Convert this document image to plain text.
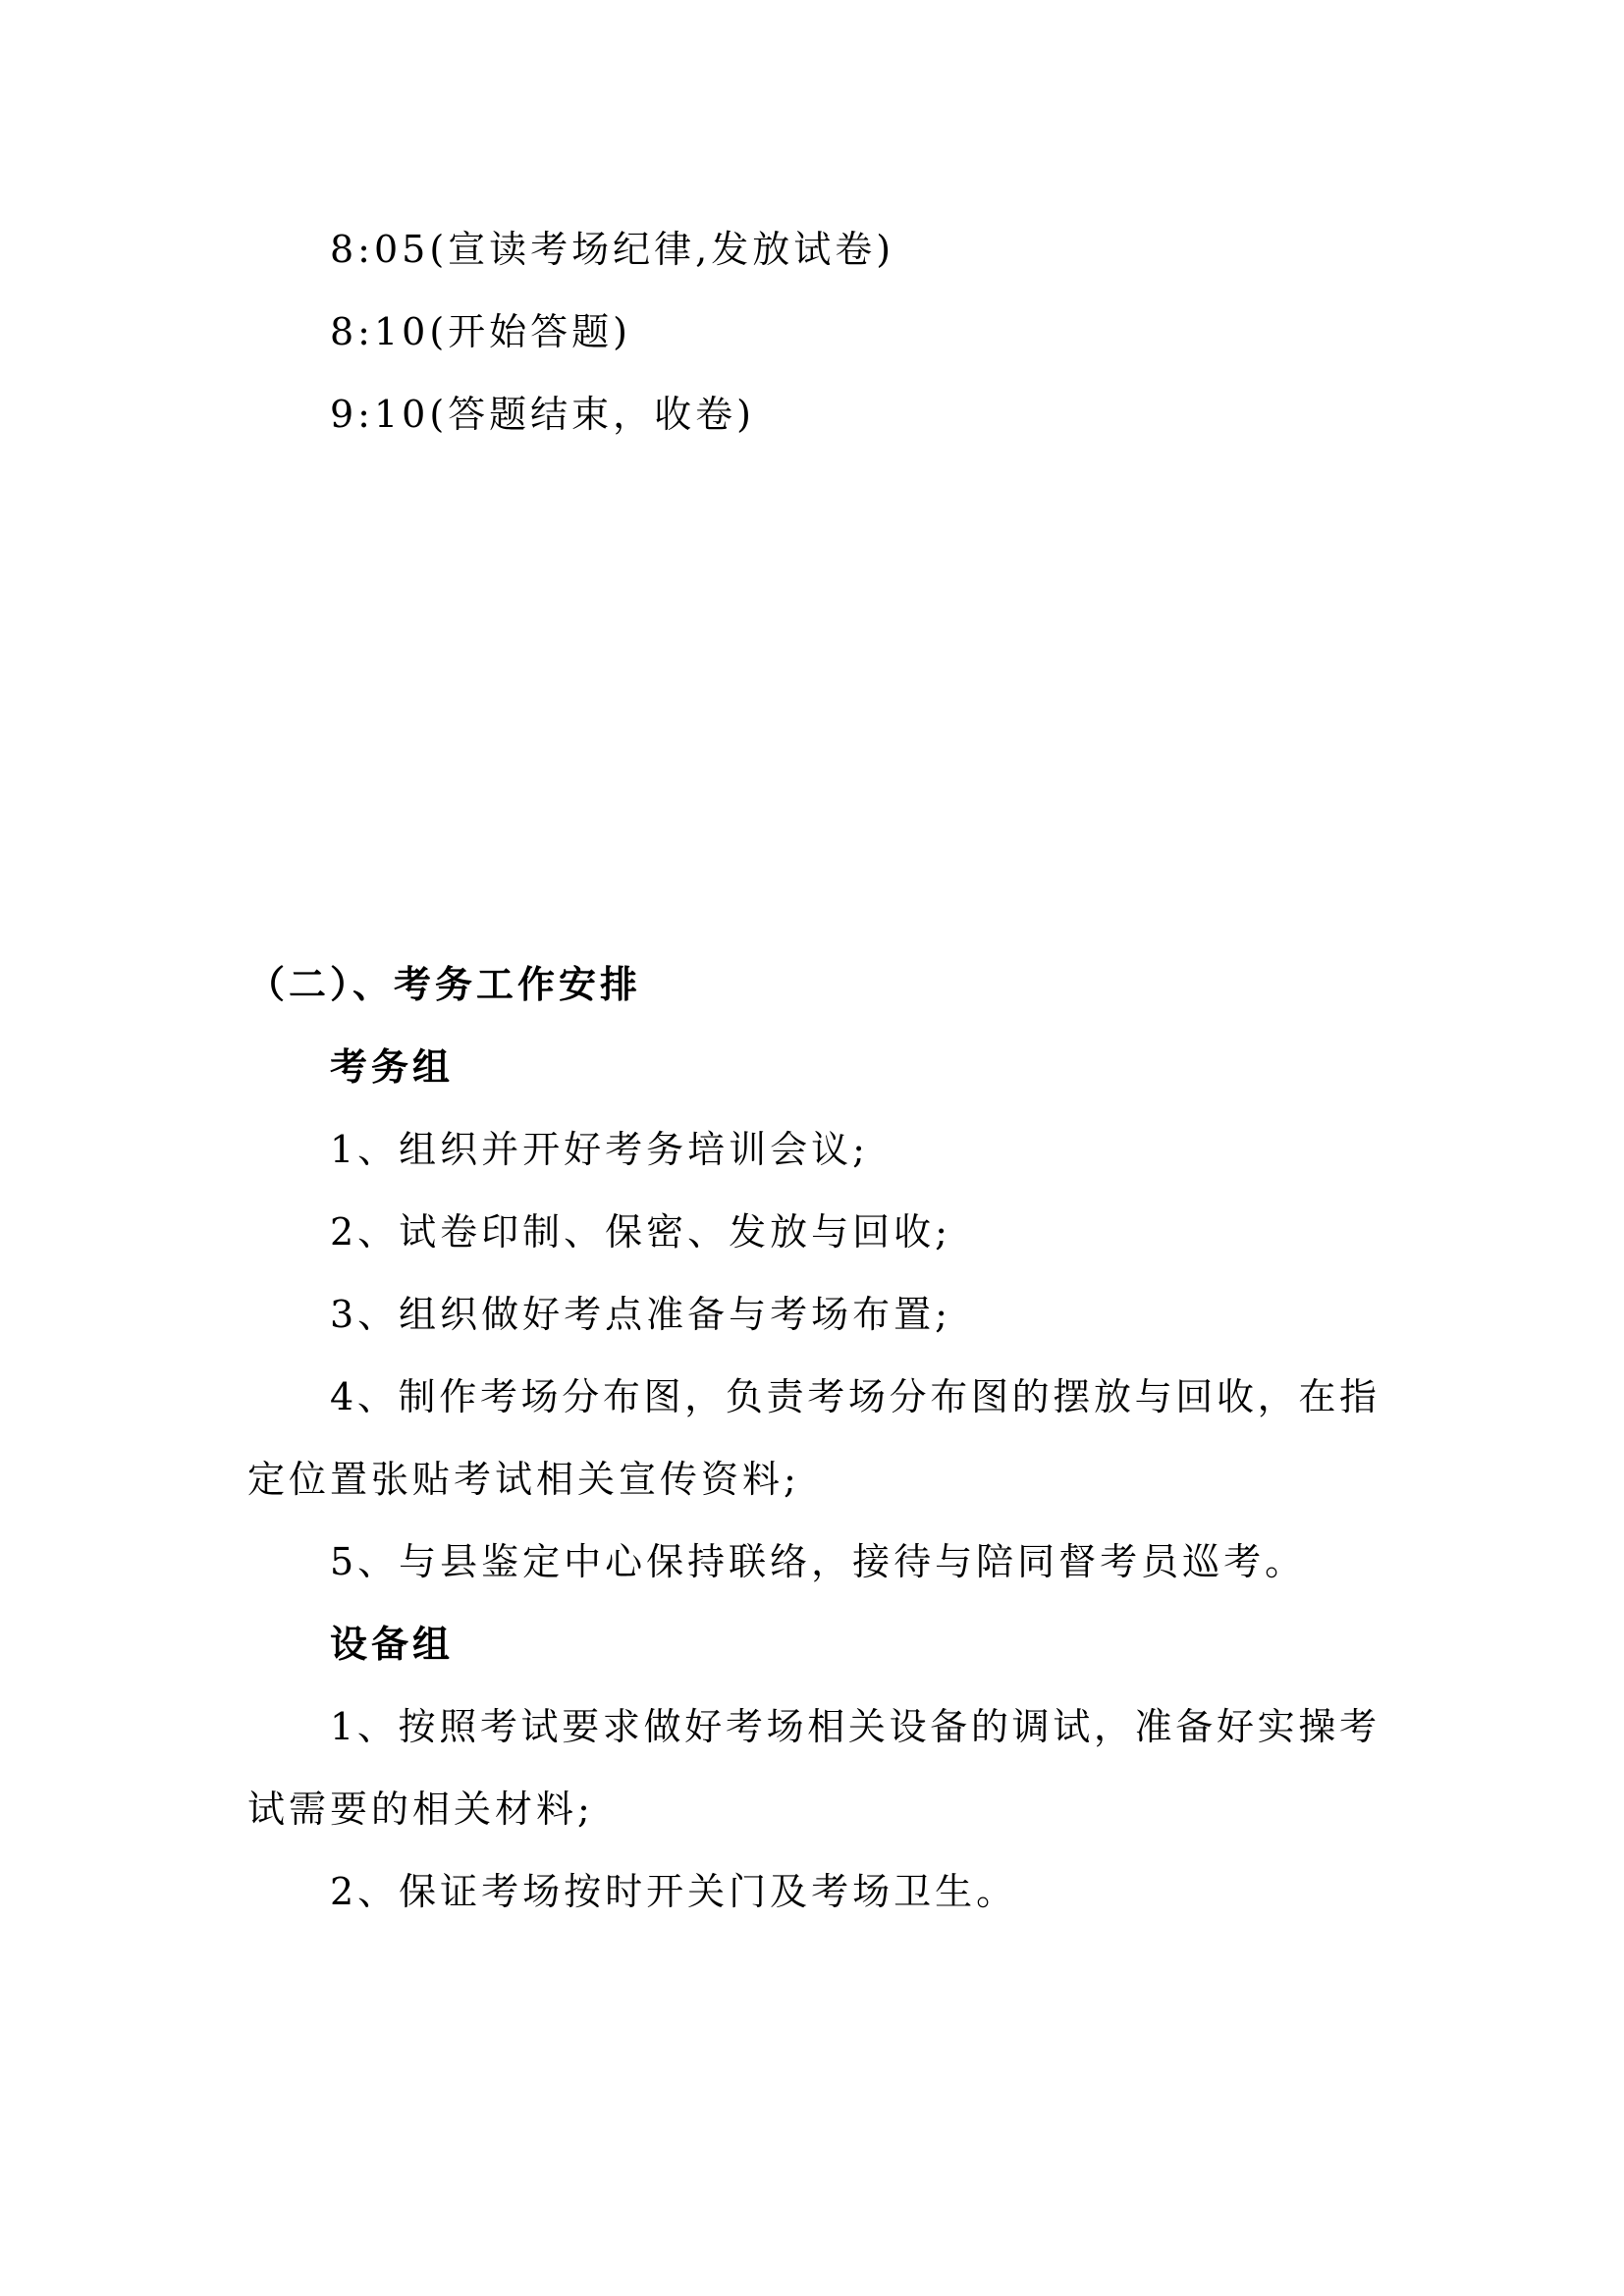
8:05(宣读考场纪律,发放试卷)
8:10(开始答题)
9:10(答题结束，收卷)
（二）、考务工作安排
考务组
1、组织并开好考务培训会议;
2、试卷印制、保密、发放与回收;
3、组织做好考点准备与考场布置;
4、制作考场分布图，负责考场分布图的摆放与回收，在指
定位置张贴考试相关宣传资料;
5、与县鉴定中心保持联络，接待与陪同督考员巡考。
设备组
1、按照考试要求做好考场相关设备的调试，准备好实操考
试需要的相关材料;
2、保证考场按时开关门及考场卫生。
